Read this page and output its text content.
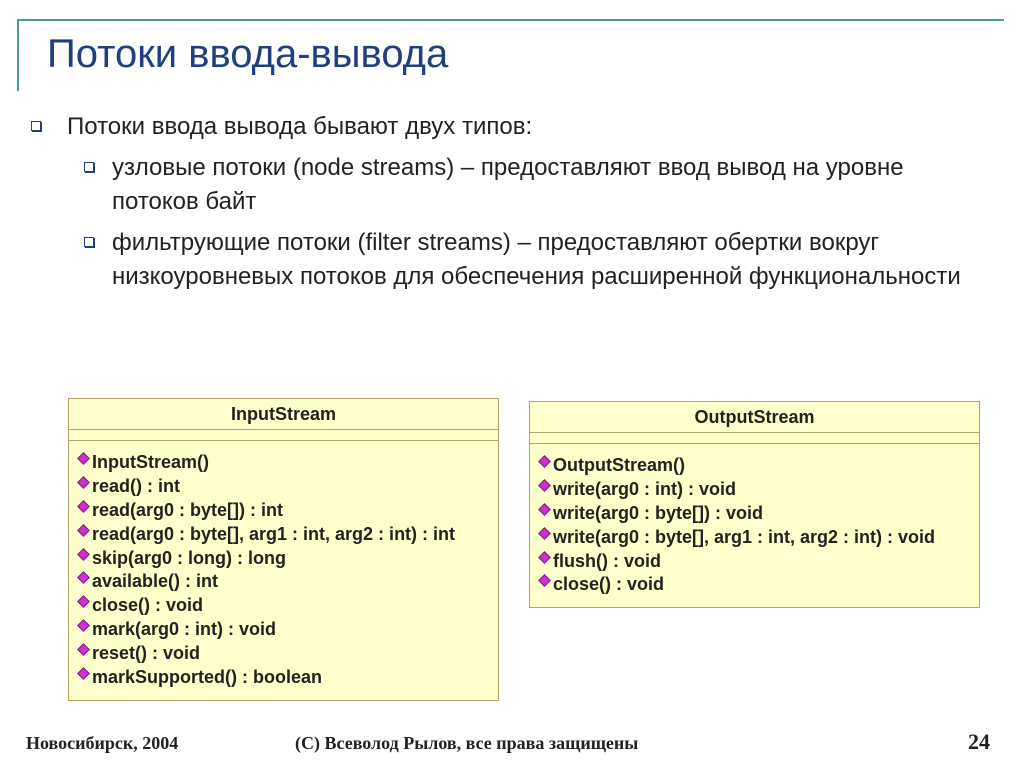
Потоки ввода-вывода
Потоки ввода вывода бывают двух типов:
узловые потоки (node streams) – предоставляют ввод вывод на уровне потоков байт
фильтрующие потоки (filter streams) – предоставляют обертки вокруг низкоуровневых потоков для обеспечения расширенной функциональности
InputStream
InputStream()
read() : int
read(arg0 : byte[]) : int
read(arg0 : byte[], arg1 : int, arg2 : int) : int
skip(arg0 : long) : long
available() : int
close() : void
mark(arg0 : int) : void
reset() : void
markSupported() : boolean
OutputStream
OutputStream()
write(arg0 : int) : void
write(arg0 : byte[]) : void
write(arg0 : byte[], arg1 : int, arg2 : int) : void
flush() : void
close() : void
Новосибирск, 2004	(C) Всеволод Рылов, все права защищены	24
